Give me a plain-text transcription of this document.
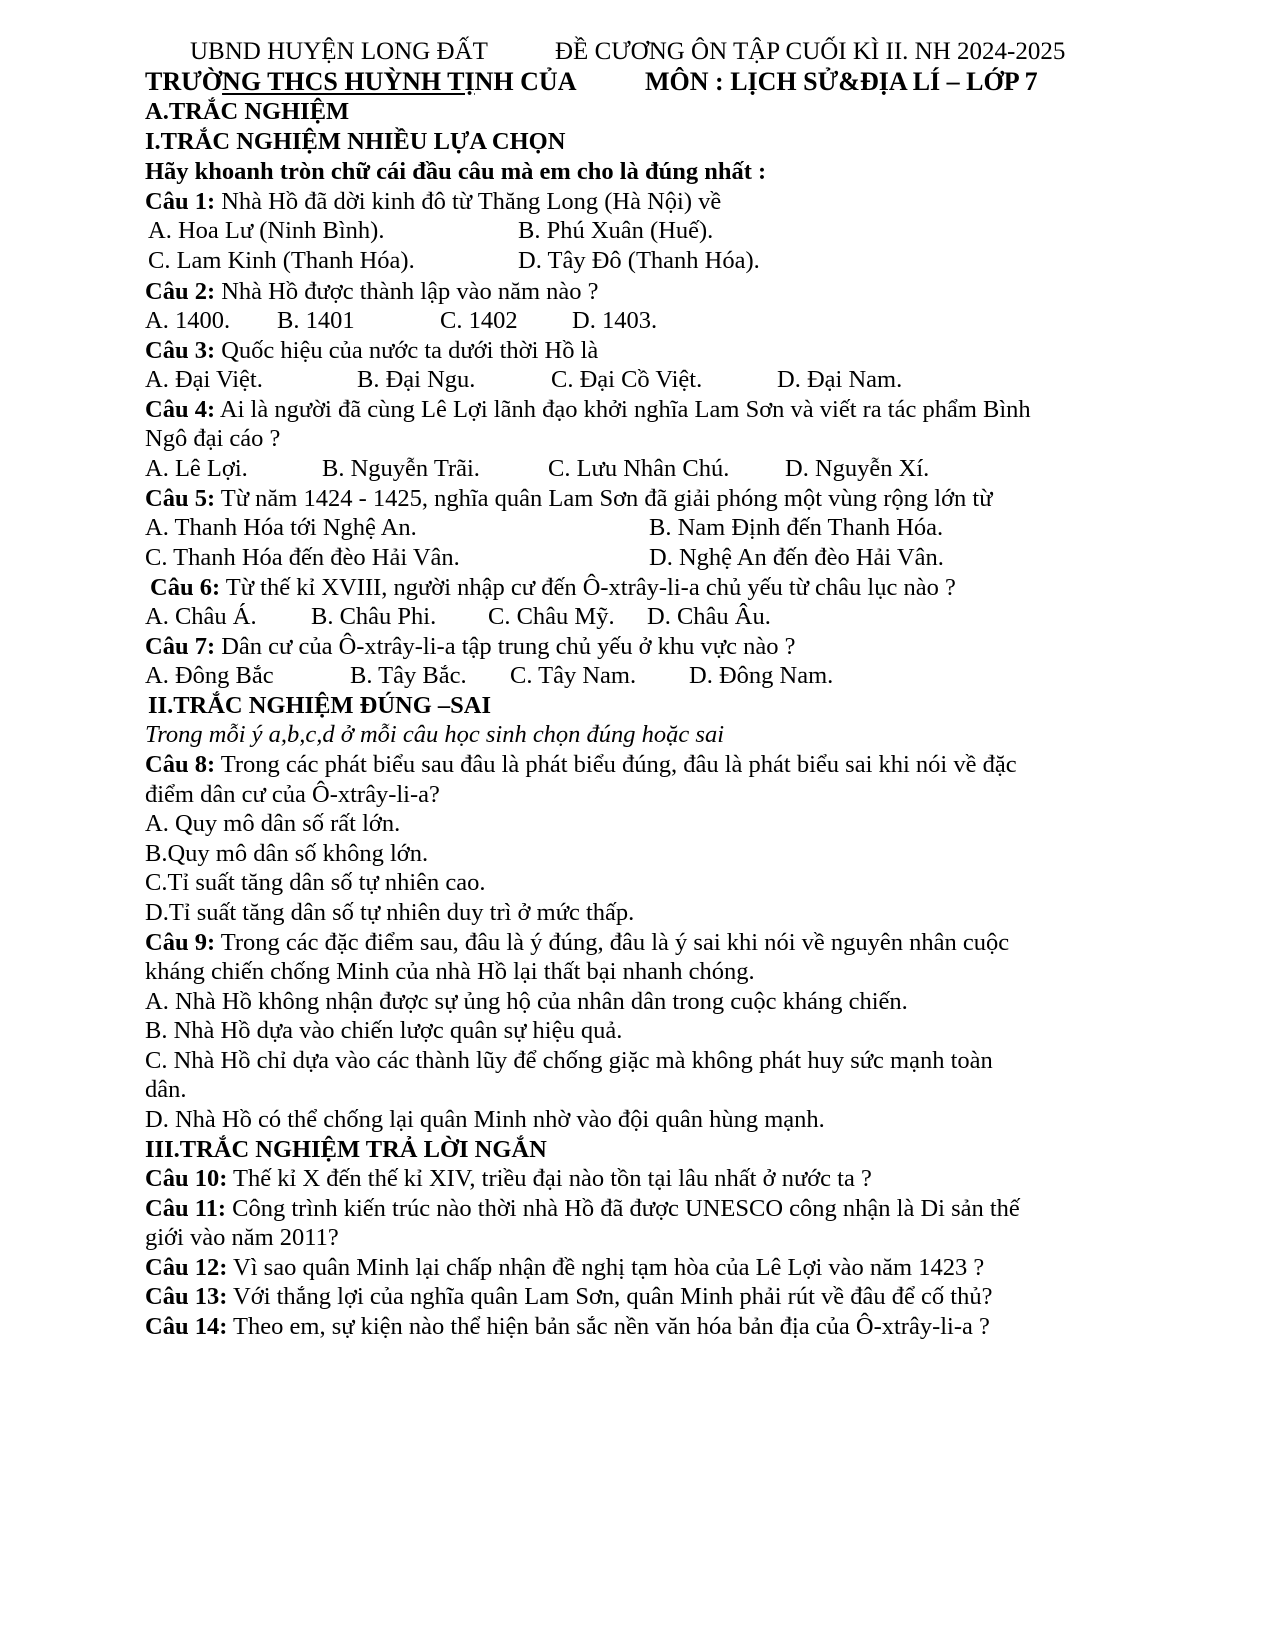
UBND HUYỆN LONG ĐẤT	ĐỀ CƯƠNG ÔN TẬP CUỐI KÌ II. NH 2024-2025
TRƯỜNG THCS HUỲNH TỊNH CỦA	MÔN : LỊCH SỬ&ĐỊA LÍ – LỚP 7
A.TRẮC NGHIỆM
I.TRẮC NGHIỆM NHIỀU LỰA CHỌN
Hãy khoanh tròn chữ cái đầu câu mà em cho là đúng nhất :
Câu 1: Nhà Hồ đã dời kinh đô từ Thăng Long (Hà Nội) về
A. Hoa Lư (Ninh Bình).	B. Phú Xuân (Huế).
C. Lam Kinh (Thanh Hóa).	D. Tây Đô (Thanh Hóa).
Câu 2: Nhà Hồ được thành lập vào năm nào ?
A. 1400. B. 1401	C. 1402 D. 1403.
Câu 3: Quốc hiệu của nước ta dưới thời Hồ là
A. Đại Việt.	B. Đại Ngu.	C. Đại Cồ Việt.	D. Đại Nam.
Câu 4: Ai là người đã cùng Lê Lợi lãnh đạo khởi nghĩa Lam Sơn và viết ra tác phẩm Bình
Ngô đại cáo ?
A. Lê Lợi.	B. Nguyễn Trãi.	C. Lưu Nhân Chú. D. Nguyễn Xí.
Câu 5: Từ năm 1424 - 1425, nghĩa quân Lam Sơn đã giải phóng một vùng rộng lớn từ
A. Thanh Hóa tới Nghệ An.	B. Nam Định đến Thanh Hóa.
C. Thanh Hóa đến đèo Hải Vân.	D. Nghệ An đến đèo Hải Vân.
Câu 6: Từ thế kỉ XVIII, người nhập cư đến Ô-xtrây-li-a chủ yếu từ châu lục nào ?
A. Châu Á. B. Châu Phi. C. Châu Mỹ. D. Châu Âu.
Câu 7: Dân cư của Ô-xtrây-li-a tập trung chủ yếu ở khu vực nào ?
A. Đông Bắc	B. Tây Bắc. C. Tây Nam. D. Đông Nam.
II.TRẮC NGHIỆM ĐÚNG –SAI
Trong mỗi ý a,b,c,d ở mỗi câu học sinh chọn đúng hoặc sai
Câu 8: Trong các phát biểu sau đâu là phát biểu đúng, đâu là phát biểu sai khi nói về đặc
điểm dân cư của Ô-xtrây-li-a?
A. Quy mô dân số rất lớn.
B.Quy mô dân số không lớn.
C.Tỉ suất tăng dân số tự nhiên cao.
D.Tỉ suất tăng dân số tự nhiên duy trì ở mức thấp.
Câu 9: Trong các đặc điểm sau, đâu là ý đúng, đâu là ý sai khi nói về nguyên nhân cuộc
kháng chiến chống Minh của nhà Hồ lại thất bại nhanh chóng.
A. Nhà Hồ không nhận được sự ủng hộ của nhân dân trong cuộc kháng chiến.
B. Nhà Hồ dựa vào chiến lược quân sự hiệu quả.
C. Nhà Hồ chỉ dựa vào các thành lũy để chống giặc mà không phát huy sức mạnh toàn
dân.
D. Nhà Hồ có thể chống lại quân Minh nhờ vào đội quân hùng mạnh.
III.TRẮC NGHIỆM TRẢ LỜI NGẮN
Câu 10: Thế kỉ X đến thế kỉ XIV, triều đại nào tồn tại lâu nhất ở nước ta ?
Câu 11: Công trình kiến trúc nào thời nhà Hồ đã được UNESCO công nhận là Di sản thế
giới vào năm 2011?
Câu 12: Vì sao quân Minh lại chấp nhận đề nghị tạm hòa của Lê Lợi vào năm 1423 ?
Câu 13: Với thắng lợi của nghĩa quân Lam Sơn, quân Minh phải rút về đâu để cố thủ?
Câu 14: Theo em, sự kiện nào thể hiện bản sắc nền văn hóa bản địa của Ô-xtrây-li-a ?
